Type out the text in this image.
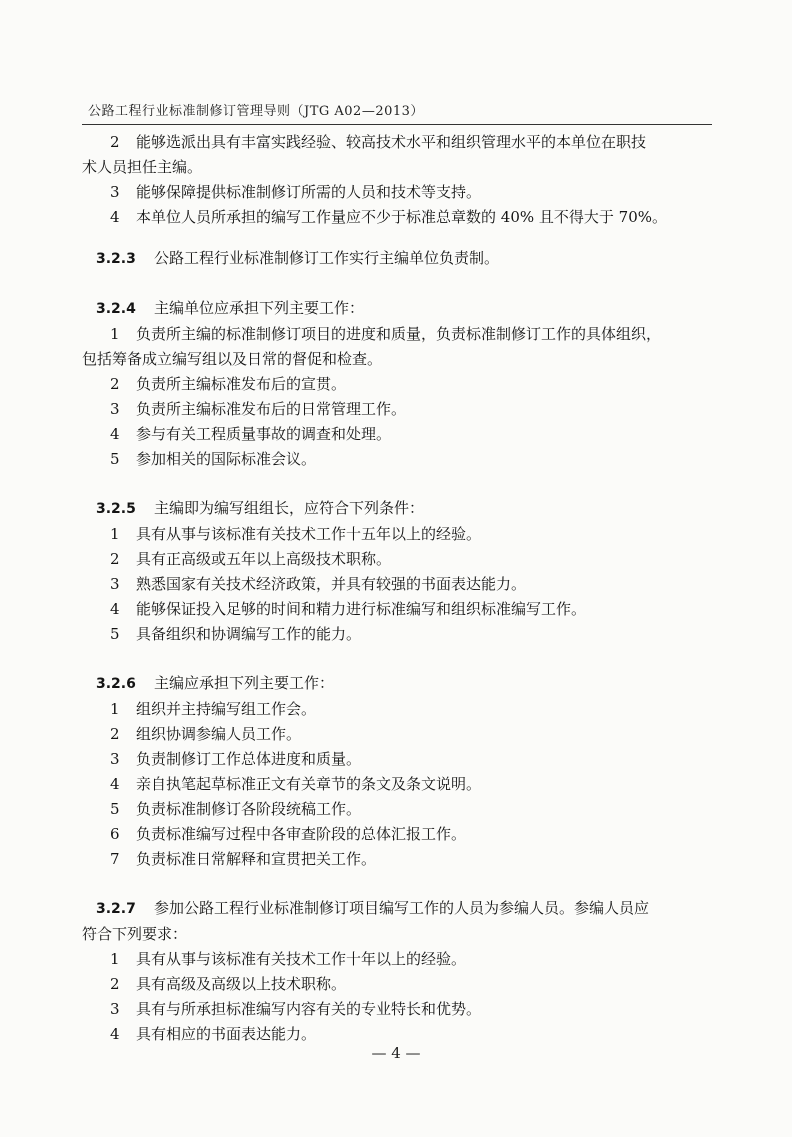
公路工程行业标准制修订管理导则（JTG A02—2013）
2 能够选派出具有丰富实践经验、较高技术水平和组织管理水平的本单位在职技
术人员担任主编。
3 能够保障提供标准制修订所需的人员和技术等支持。
4 本单位人员所承担的编写工作量应不少于标准总章数的 40% 且不得大于 70%。
3.2.3 公路工程行业标准制修订工作实行主编单位负责制。
3.2.4 主编单位应承担下列主要工作：
1 负责所主编的标准制修订项目的进度和质量，负责标准制修订工作的具体组织，
包括筹备成立编写组以及日常的督促和检查。
2 负责所主编标准发布后的宣贯。
3 负责所主编标准发布后的日常管理工作。
4 参与有关工程质量事故的调查和处理。
5 参加相关的国际标准会议。
3.2.5 主编即为编写组组长，应符合下列条件：
1 具有从事与该标准有关技术工作十五年以上的经验。
2 具有正高级或五年以上高级技术职称。
3 熟悉国家有关技术经济政策，并具有较强的书面表达能力。
4 能够保证投入足够的时间和精力进行标准编写和组织标准编写工作。
5 具备组织和协调编写工作的能力。
3.2.6 主编应承担下列主要工作：
1 组织并主持编写组工作会。
2 组织协调参编人员工作。
3 负责制修订工作总体进度和质量。
4 亲自执笔起草标准正文有关章节的条文及条文说明。
5 负责标准制修订各阶段统稿工作。
6 负责标准编写过程中各审查阶段的总体汇报工作。
7 负责标准日常解释和宣贯把关工作。
3.2.7 参加公路工程行业标准制修订项目编写工作的人员为参编人员。参编人员应
符合下列要求：
1 具有从事与该标准有关技术工作十年以上的经验。
2 具有高级及高级以上技术职称。
3 具有与所承担标准编写内容有关的专业特长和优势。
4 具有相应的书面表达能力。
— 4 —
